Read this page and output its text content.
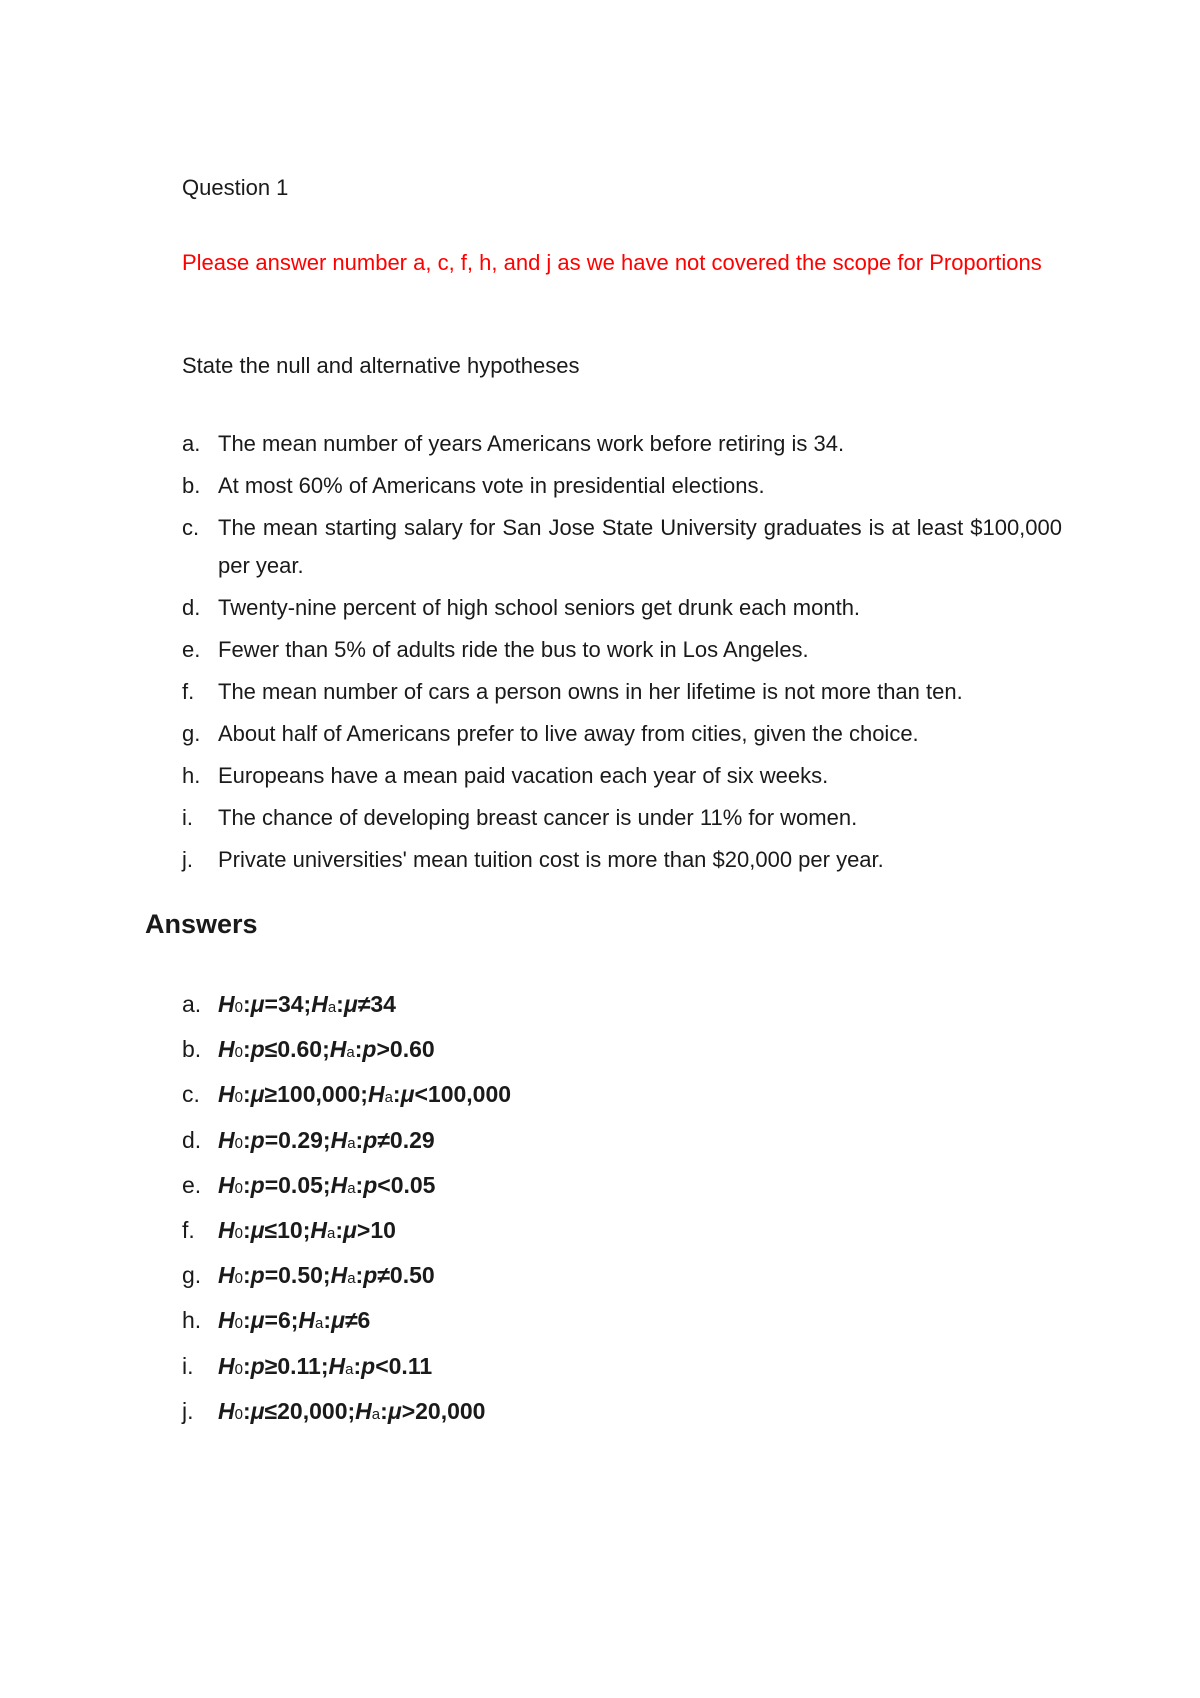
Question 1

Please answer number a, c, f, h, and j as we have not covered the scope for Proportions

State the null and alternative hypotheses

a. The mean number of years Americans work before retiring is 34.
b. At most 60% of Americans vote in presidential elections.
c. The mean starting salary for San Jose State University graduates is at least $100,000 per year.
d. Twenty-nine percent of high school seniors get drunk each month.
e. Fewer than 5% of adults ride the bus to work in Los Angeles.
f.	The mean number of cars a person owns in her lifetime is not more than ten.
g. About half of Americans prefer to live away from cities, given the choice.
h. Europeans have a mean paid vacation each year of six weeks.
i.	The chance of developing breast cancer is under 11% for women.
j.	Private universities' mean tuition cost is more than $20,000 per year.
Answers
a. H0:μ=34;Ha:μ≠34
b. H0:p≤0.60;Ha:p>0.60
c. H0:μ≥100,000;Ha:μ<100,000
d. H0:p=0.29;Ha:p≠0.29
e. H0:p=0.05;Ha:p<0.05
f.	H0:μ≤10;Ha:μ>10
g. H0:p=0.50;Ha:p≠0.50
h. H0:μ=6;Ha:μ≠6
i.	H0:p≥0.11;Ha:p<0.11
j.	H0:μ≤20,000;Ha:μ>20,000
